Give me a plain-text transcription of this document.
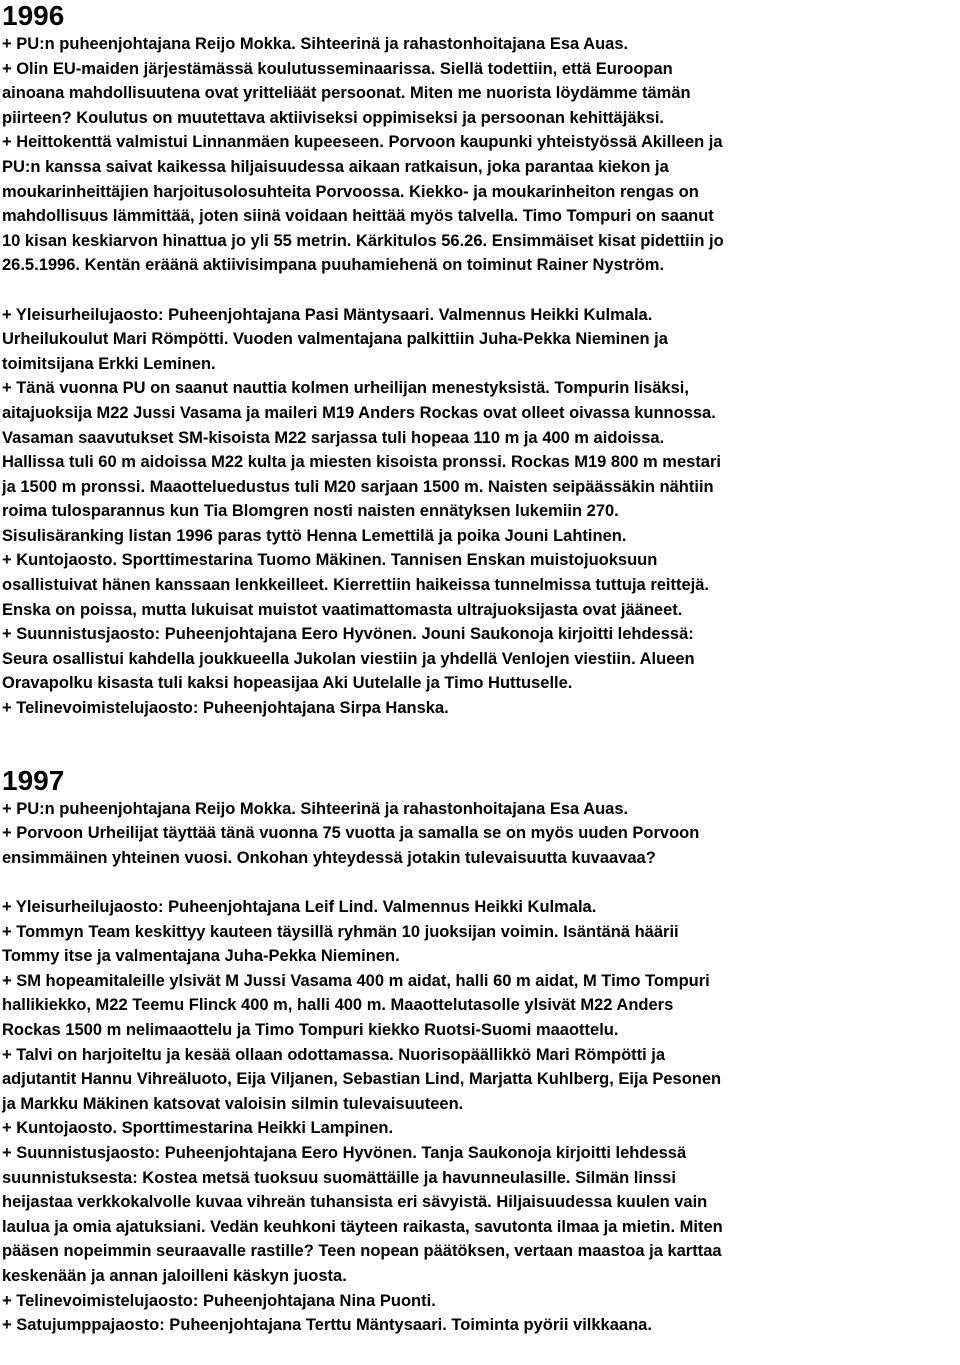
1996
+ PU:n puheenjohtajana Reijo Mokka. Sihteerinä ja rahastonhoitajana Esa Auas.
+ Olin EU-maiden järjestämässä koulutusseminaarissa. Siellä todettiin, että Euroopan
ainoana mahdollisuutena ovat yritteliäät persoonat. Miten me nuorista löydämme tämän
piirteen? Koulutus on muutettava aktiiviseksi oppimiseksi ja persoonan kehittäjäksi.
+ Heittokenttä valmistui Linnanmäen kupeeseen. Porvoon kaupunki yhteistyössä Akilleen ja
PU:n kanssa saivat kaikessa hiljaisuudessa aikaan ratkaisun, joka parantaa kiekon ja
moukarinheittäjien harjoitusolosuhteita Porvoossa. Kiekko- ja moukarinheiton rengas on
mahdollisuus lämmittää, joten siinä voidaan heittää myös talvella. Timo Tompuri on saanut
10 kisan keskiarvon hinattua jo yli 55 metrin. Kärkitulos 56.26. Ensimmäiset kisat pidettiin jo
26.5.1996. Kentän eräänä aktiivisimpana puuhamiehenä on toiminut Rainer Nyström.
+ Yleisurheilujaosto: Puheenjohtajana Pasi Mäntysaari. Valmennus Heikki Kulmala.
Urheilukoulut Mari Römpötti. Vuoden valmentajana palkittiin Juha-Pekka Nieminen ja
toimitsijana Erkki Leminen.
+ Tänä vuonna PU on saanut nauttia kolmen urheilijan menestyksistä. Tompurin lisäksi,
aitajuoksija M22 Jussi Vasama ja maileri M19 Anders Rockas ovat olleet oivassa kunnossa.
Vasaman saavutukset SM-kisoista M22 sarjassa tuli hopeaa 110 m ja 400 m aidoissa.
Hallissa tuli 60 m aidoissa M22 kulta ja miesten kisoista pronssi. Rockas M19 800 m mestari
ja 1500 m pronssi. Maaotteluedustus tuli M20 sarjaan 1500 m. Naisten seipäässäkin nähtiin
roima tulosparannus kun Tia Blomgren nosti naisten ennätyksen lukemiin 270.
Sisulisäranking listan 1996 paras tyttö Henna Lemettilä ja poika Jouni Lahtinen.
+ Kuntojaosto. Sporttimestarina Tuomo Mäkinen. Tannisen Enskan muistojuoksuun
osallistuivat hänen kanssaan lenkkeilleet. Kierrettiin haikeissa tunnelmissa tuttuja reittejä.
Enska on poissa, mutta lukuisat muistot vaatimattomasta ultrajuoksijasta ovat jääneet.
+ Suunnistusjaosto: Puheenjohtajana Eero Hyvönen. Jouni Saukonoja kirjoitti lehdessä:
Seura osallistui kahdella joukkueella Jukolan viestiin ja yhdellä Venlojen viestiin. Alueen
Oravapolku kisasta tuli kaksi hopeasijaa Aki Uutelalle ja Timo Huttuselle.
+ Telinevoimistelujaosto: Puheenjohtajana Sirpa Hanska.
1997
+ PU:n puheenjohtajana Reijo Mokka. Sihteerinä ja rahastonhoitajana Esa Auas.
+ Porvoon Urheilijat täyttää tänä vuonna 75 vuotta ja samalla se on myös uuden Porvoon
ensimmäinen yhteinen vuosi. Onkohan yhteydessä jotakin tulevaisuutta kuvaavaa?
+ Yleisurheilujaosto: Puheenjohtajana Leif Lind. Valmennus Heikki Kulmala.
+ Tommyn Team keskittyy kauteen täysillä ryhmän 10 juoksijan voimin. Isäntänä häärii
Tommy itse ja valmentajana Juha-Pekka Nieminen.
+ SM hopeamitaleille ylsivät M Jussi Vasama 400 m aidat, halli 60 m aidat, M Timo Tompuri
hallikiekko, M22 Teemu Flinck 400 m, halli 400 m. Maaottelutasolle ylsivät M22 Anders
Rockas 1500 m nelimaaottelu ja Timo Tompuri kiekko Ruotsi-Suomi maaottelu.
+ Talvi on harjoiteltu ja kesää ollaan odottamassa. Nuorisopäällikkö Mari Römpötti ja
adjutantit Hannu Vihreäluoto, Eija Viljanen, Sebastian Lind, Marjatta Kuhlberg, Eija Pesonen
ja Markku Mäkinen katsovat valoisin silmin tulevaisuuteen.
+ Kuntojaosto. Sporttimestarina Heikki Lampinen.
+ Suunnistusjaosto: Puheenjohtajana Eero Hyvönen. Tanja Saukonoja kirjoitti lehdessä
suunnistuksesta: Kostea metsä tuoksuu suomättäille ja havunneulasille. Silmän linssi
heijastaa verkkokalvolle kuvaa vihreän tuhansista eri sävyistä. Hiljaisuudessa kuulen vain
laulua ja omia ajatuksiani. Vedän keuhkoni täyteen raikasta, savutonta ilmaa ja mietin. Miten
pääsen nopeimmin seuraavalle rastille? Teen nopean päätöksen, vertaan maastoa ja karttaa
keskenään ja annan jaloilleni käskyn juosta.
+ Telinevoimistelujaosto: Puheenjohtajana Nina Puonti.
+ Satujumppajaosto: Puheenjohtajana Terttu Mäntysaari. Toiminta pyörii vilkkaana.
